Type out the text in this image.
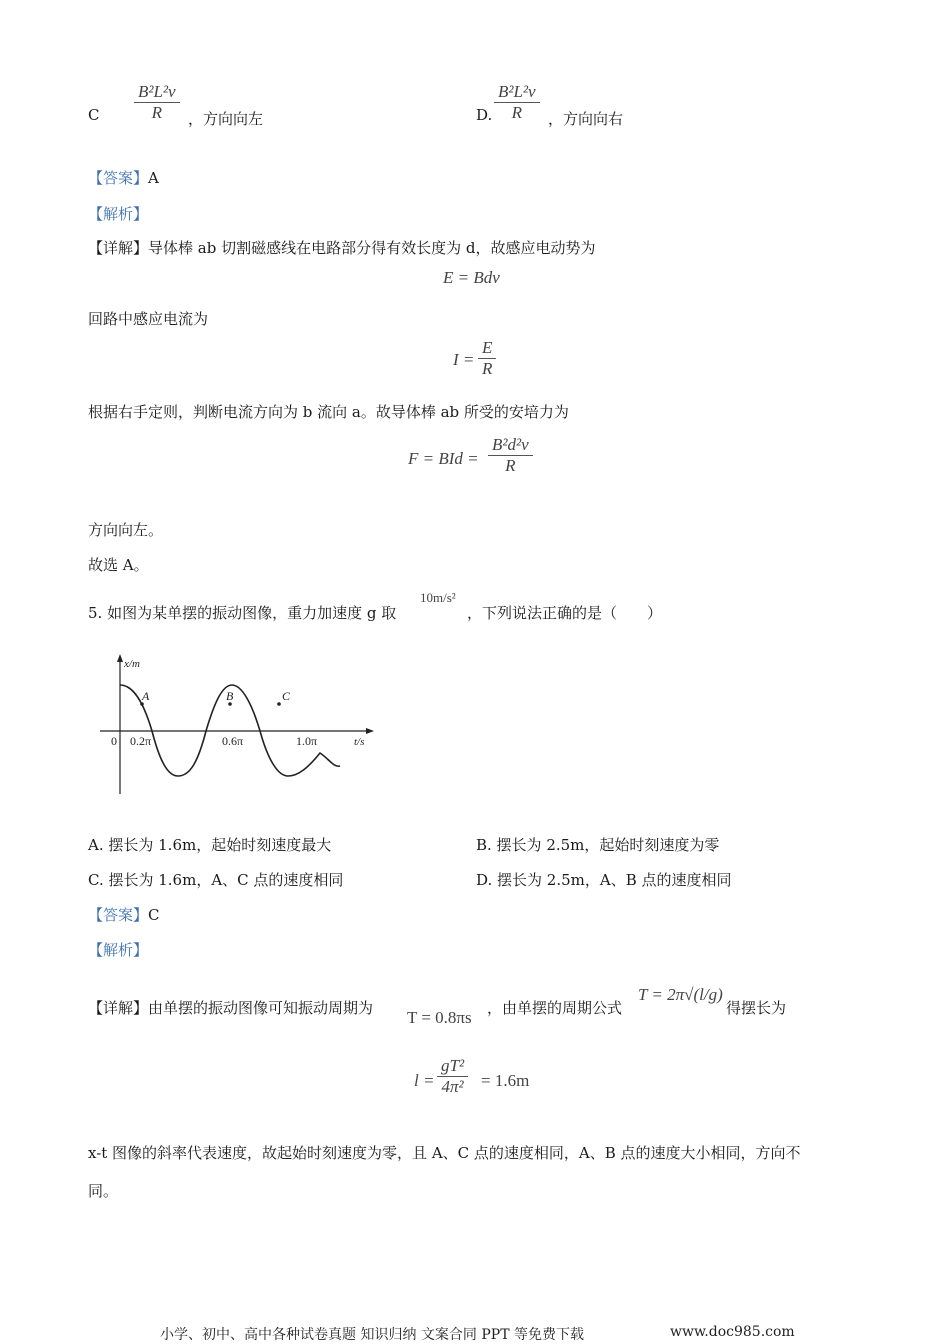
C
B²L²v
R ，方向向左	D.
B²L²v
R ，方向向右
【答案】A
【解析】
【详解】导体棒 ab 切割磁感线在电路部分得有效长度为 d，故感应电动势为
E = Bdv
回路中感应电流为
I =
E
R
根据右手定则，判断电流方向为 b 流向 a。故导体棒 ab 所受的安培力为
F = BId =
B²d²v
R
方向向左。
故选 A。
5. 如图为某单摆的振动图像，重力加速度 g 取
10m/s²
，下列说法正确的是（　　）
x/m
t/s
0 0.2π	0.6π	1.0π
A	B	C
A. 摆长为 1.6m，起始时刻速度最大	B. 摆长为 2.5m，起始时刻速度为零
C. 摆长为 1.6m，A、C 点的速度相同	D. 摆长为 2.5m，A、B 点的速度相同
【答案】C
【解析】
【详解】由单摆的振动图像可知振动周期为 T = 0.8πs ，由单摆的周期公式
T = 2π√(l/g)
得摆长为
l =
gT²
4π² = 1.6m
x-t 图像的斜率代表速度，故起始时刻速度为零，且 A、C 点的速度相同，A、B 点的速度大小相同，方向不
同。
小学、初中、高中各种试卷真题 知识归纳 文案合同 PPT 等免费下载	www.doc985.com
